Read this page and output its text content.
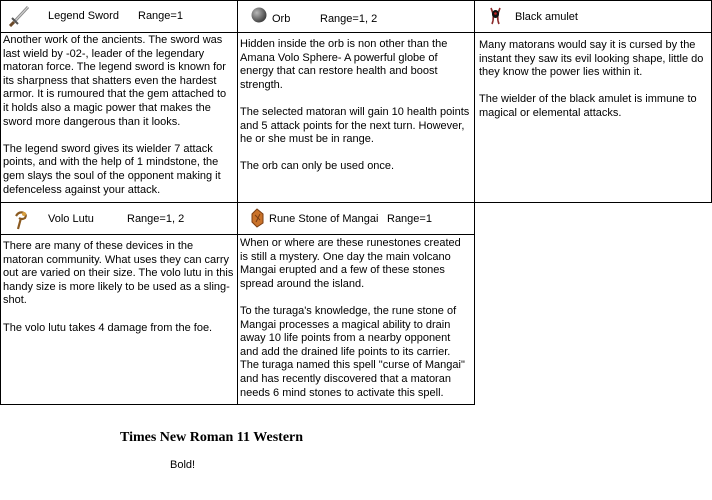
Legend Sword Range=1

Another work of the ancients. The sword was last wield by -02-, leader of the legendary matoran force. The legend sword is known for its sharpness that shatters even the hardest armor. It is rumoured that the gem attached to it holds also a magic power that makes the sword more dangerous than it looks.

The legend sword gives its wielder 7 attack points, and with the help of 1 mindstone, the gem slays the soul of the opponent making it defenceless against your attack.

Orb	Range=1, 2

Hidden inside the orb is non other than the Amana Volo Sphere- A powerful globe of energy that can restore health and boost strength.

The selected matoran will gain 10 health points and 5 attack points for the next turn. However, he or she must be in range.

The orb can only be used once.

Black amulet

Many matorans would say it is cursed by the instant they saw its evil looking shape, little do they know the power lies within it.

The wielder of the black amulet is immune to magical or elemental attacks.

Volo Lutu	Range=1, 2

There are many of these devices in the matoran community. What uses they can carry out are varied on their size. The volo lutu in this handy size is more likely to be used as a sling-shot.

The volo lutu takes 4 damage from the foe.

Rune Stone of Mangai Range=1

When or where are these runestones created is still a mystery. One day the main volcano Mangai erupted and a few of these stones spread around the island.

To the turaga's knowledge, the rune stone of Mangai processes a magical ability to drain away 10 life points from a nearby opponent and add the drained life points to its carrier. The turaga named this spell "curse of Mangai" and has recently discovered that a matoran needs 6 mind stones to activate this spell.

Times New Roman 11 Western
Bold!
